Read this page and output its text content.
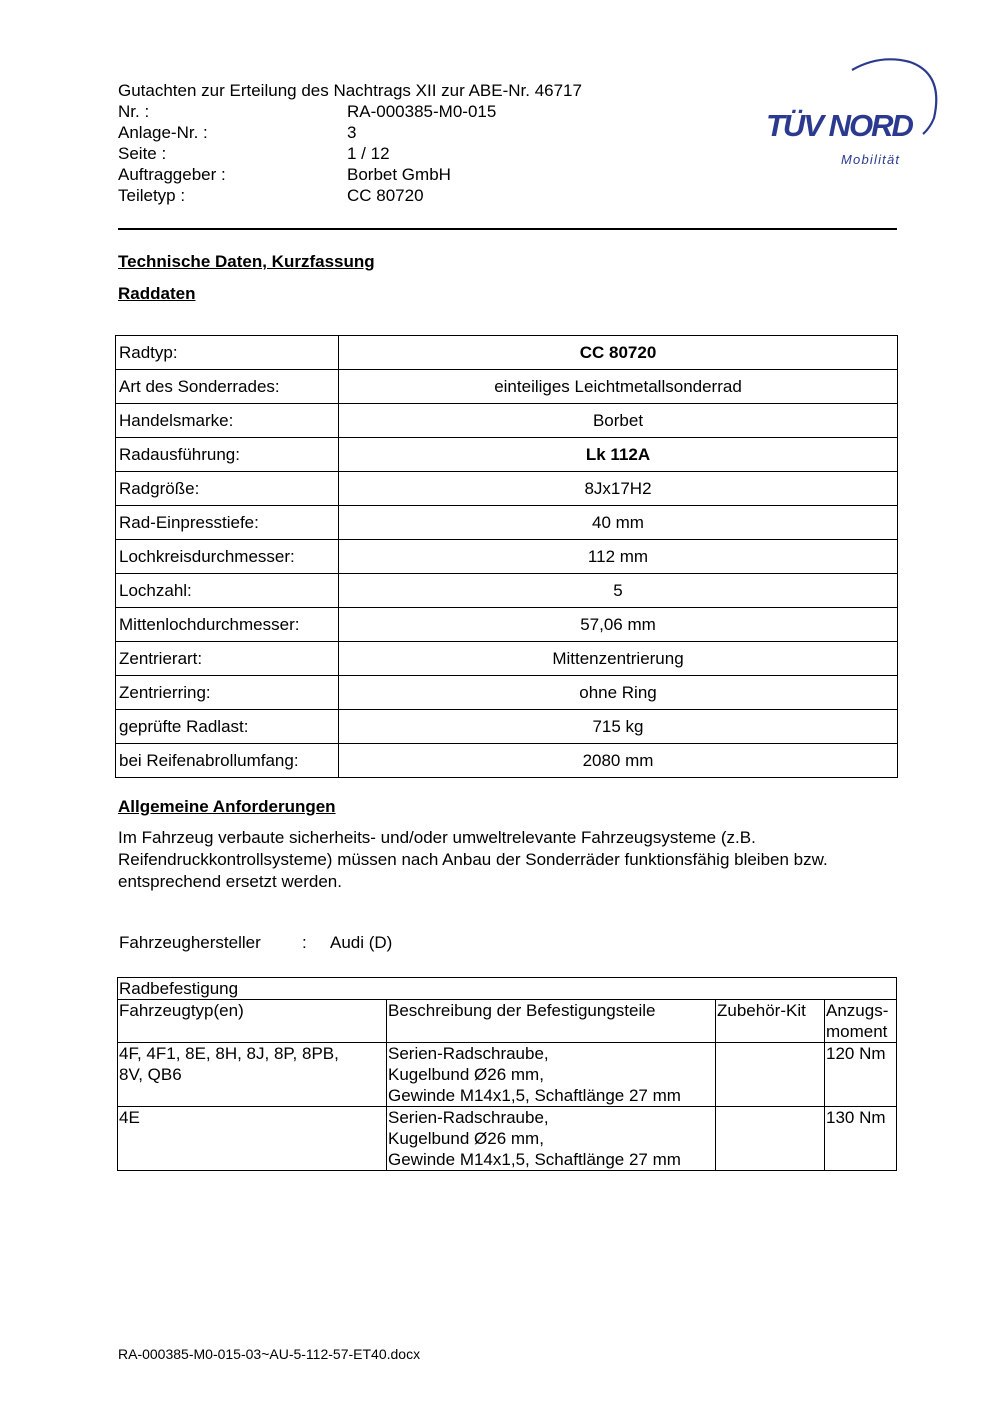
Gutachten zur Erteilung des Nachtrags XII zur ABE-Nr. 46717
Nr. :	RA-000385-M0-015
Anlage-Nr. :	3
Seite :	1 / 12
Auftraggeber :	Borbet GmbH
Teiletyp :	CC 80720
TÜV NORD
Mobilität
Technische Daten, Kurzfassung
Raddaten
Radtyp:	CC 80720
Art des Sonderrades:	einteiliges Leichtmetallsonderrad
Handelsmarke:	Borbet
Radausführung:	Lk 112A
Radgröße:	8Jx17H2
Rad-Einpresstiefe:	40 mm
Lochkreisdurchmesser:	112 mm
Lochzahl:	5
Mittenlochdurchmesser:	57,06 mm
Zentrierart:	Mittenzentrierung
Zentrierring:	ohne Ring
geprüfte Radlast:	715 kg
bei Reifenabrollumfang:	2080 mm
Allgemeine Anforderungen
Im Fahrzeug verbaute sicherheits- und/oder umweltrelevante Fahrzeugsysteme (z.B.
Reifendruckkontrollsysteme) müssen nach Anbau der Sonderräder funktionsfähig bleiben bzw.
entsprechend ersetzt werden.
Fahrzeughersteller	:	Audi (D)
Radbefestigung			
Fahrzeugtyp(en)	Beschreibung der Befestigungsteile	Zubehör-Kit	Anzugs-
moment
4F, 4F1, 8E, 8H, 8J, 8P, 8PB,
8V, QB6	Serien-Radschraube,
Kugelbund Ø26 mm,
Gewinde M14x1,5, Schaftlänge 27 mm		120 Nm
4E	Serien-Radschraube,
Kugelbund Ø26 mm,
Gewinde M14x1,5, Schaftlänge 27 mm		130 Nm
RA-000385-M0-015-03~AU-5-112-57-ET40.docx
